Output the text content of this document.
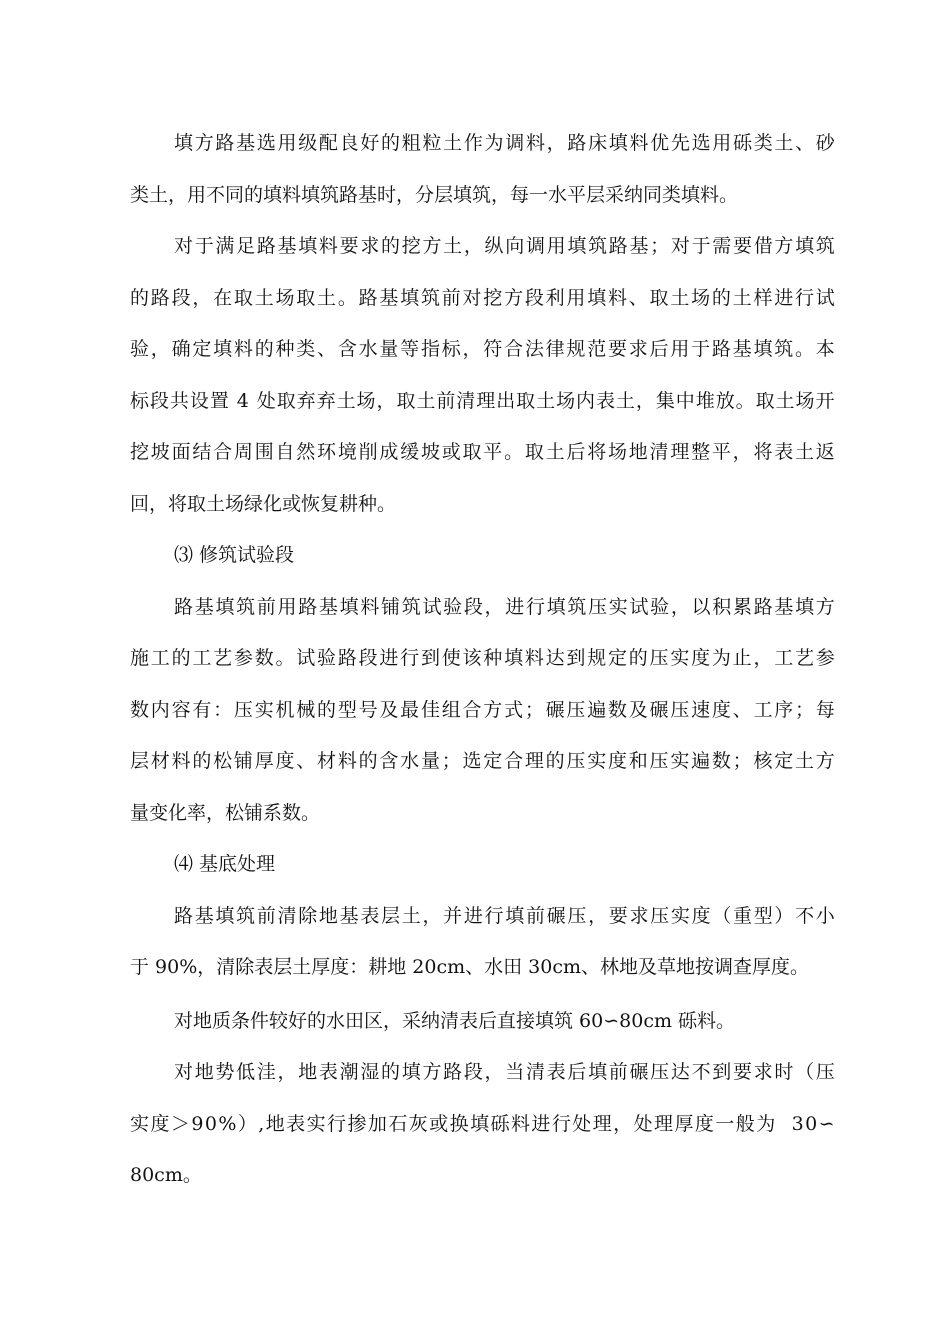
填 方 路 基 选 用 级 配 良 好 的 粗 粒 土 作 为 调 料 ， 路 床 填 料 优 先 选 用 砾 类 土 、 砂
类土，用不同的填料填筑路基时，分层填筑，每一水平层采纳同类填料。
对 于 满 足 路 基 填 料 要 求 的 挖 方 土 ， 纵 向 调 用 填 筑 路 基 ； 对 于 需 要 借 方 填 筑
的 路 段 ， 在 取 土 场 取 土 。 路 基 填 筑 前 对 挖 方 段 利 用 填 料 、 取 土 场 的 土 样 进 行 试
验 ， 确 定 填 料 的 种 类 、 含 水 量 等 指 标 ， 符 合 法 律 规 范 要 求 后 用 于 路 基 填 筑 。 本
标 段 共 设 置
4
处 取 弃 弃 土 场 ， 取 土 前 清 理 出 取 土 场 内 表 土 ， 集 中 堆 放 。 取 土 场 开
挖 坡 面 结 合 周 围 自 然 环 境 削 成 缓 坡 或 取 平 。 取 土 后 将 场 地 清 理 整 平 ， 将 表 土 返
回，将取土场绿化或恢复耕种。
⑶ 修筑试验段
路 基 填 筑 前 用 路 基 填 料 铺 筑 试 验 段 ， 进 行 填 筑 压 实 试 验 ， 以 积 累 路 基 填 方
施 工 的 工 艺 参 数 。 试 验 路 段 进 行 到 使 该 种 填 料 达 到 规 定 的 压 实 度 为 止 ， 工 艺 参
数 内 容 有 ： 压 实 机 械 的 型 号 及 最 佳 组 合 方 式 ； 碾 压 遍 数 及 碾 压 速 度 、 工 序 ； 每
层 材 料 的 松 铺 厚 度 、 材 料 的 含 水 量 ； 选 定 合 理 的 压 实 度 和 压 实 遍 数 ； 核 定 土 方
量变化率，松铺系数。
⑷ 基底处理
路 基 填 筑 前 清 除 地 基 表 层 土 ， 并 进 行 填 前 碾 压 ， 要 求 压 实 度 （ 重 型 ） 不 小
于 90%，清除表层土厚度：耕地 20cm、水田 30cm、林地及草地按调查厚度。
对地质条件较好的水田区，采纳清表后直接填筑 60∽80cm 砾料。
对 地 势 低 洼 ， 地 表 潮 湿 的 填 方 路 段 ， 当 清 表 后 填 前 碾 压 达 不 到 要 求 时 （ 压
实 度 ＞ 9 0 % ） , 地 表 实 行 掺 加 石 灰 或 换 填 砾 料 进 行 处 理 ， 处 理 厚 度 一 般 为

3 0 ∽
80cm。
